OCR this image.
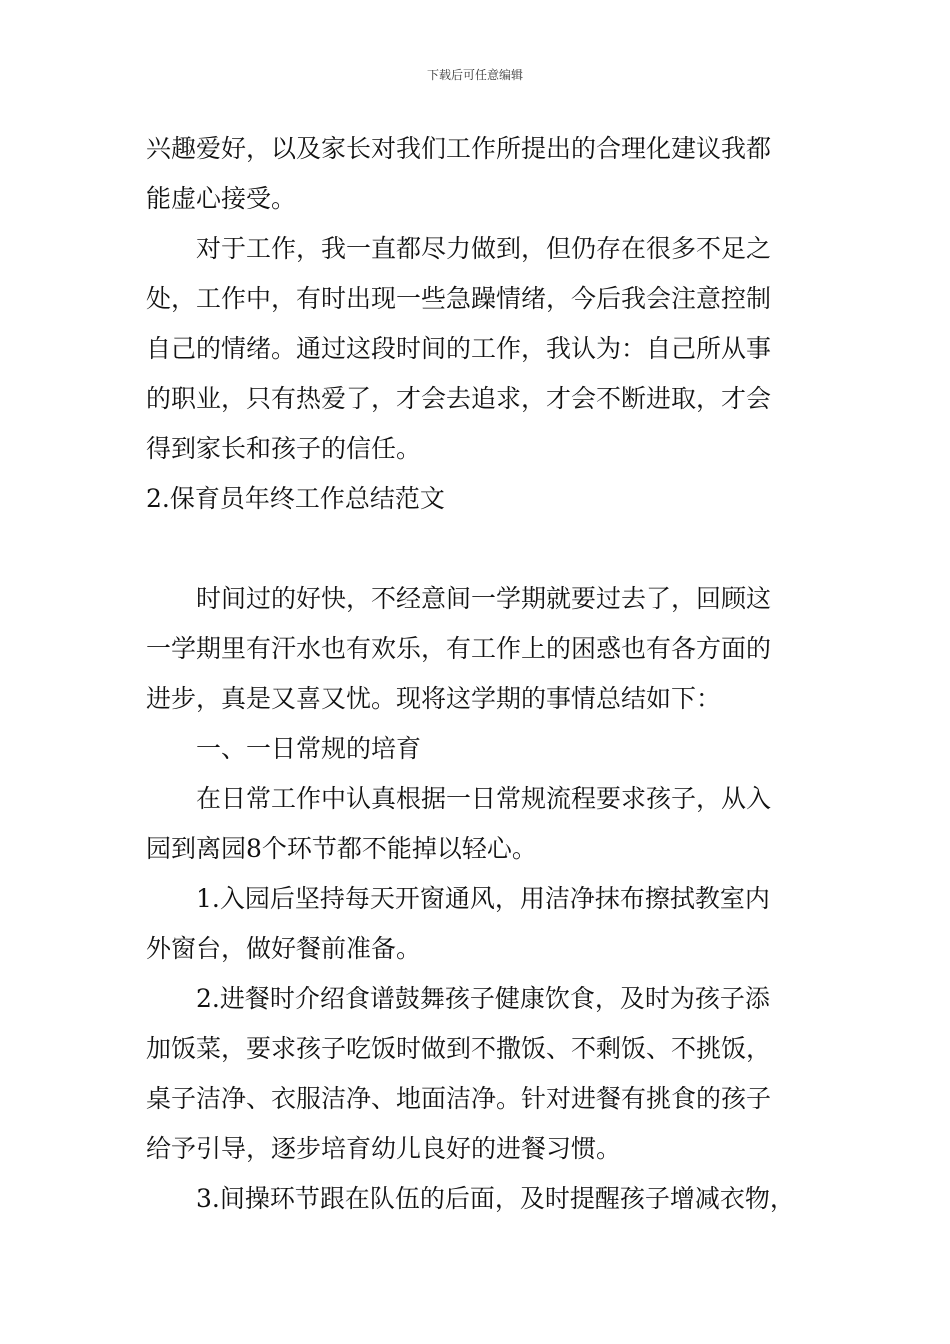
下载后可任意编辑
兴趣爱好，以及家长对我们工作所提出的合理化建议我都
能虚心接受。
对于工作，我一直都尽力做到，但仍存在很多不足之
处，工作中，有时出现一些急躁情绪，今后我会注意控制
自己的情绪。通过这段时间的工作，我认为：自己所从事
的职业，只有热爱了，才会去追求，才会不断进取，才会
得到家长和孩子的信任。
2.保育员年终工作总结范文
时间过的好快，不经意间一学期就要过去了，回顾这
一学期里有汗水也有欢乐，有工作上的困惑也有各方面的
进步，真是又喜又忧。现将这学期的事情总结如下：
一、一日常规的培育
在日常工作中认真根据一日常规流程要求孩子，从入
园到离园8个环节都不能掉以轻心。
1.入园后坚持每天开窗通风，用洁净抹布擦拭教室内
外窗台，做好餐前准备。
2.进餐时介绍食谱鼓舞孩子健康饮食，及时为孩子添
加饭菜，要求孩子吃饭时做到不撒饭、不剩饭、不挑饭，
桌子洁净、衣服洁净、地面洁净。针对进餐有挑食的孩子
给予引导，逐步培育幼儿良好的进餐习惯。
3.间操环节跟在队伍的后面，及时提醒孩子增减衣物，
